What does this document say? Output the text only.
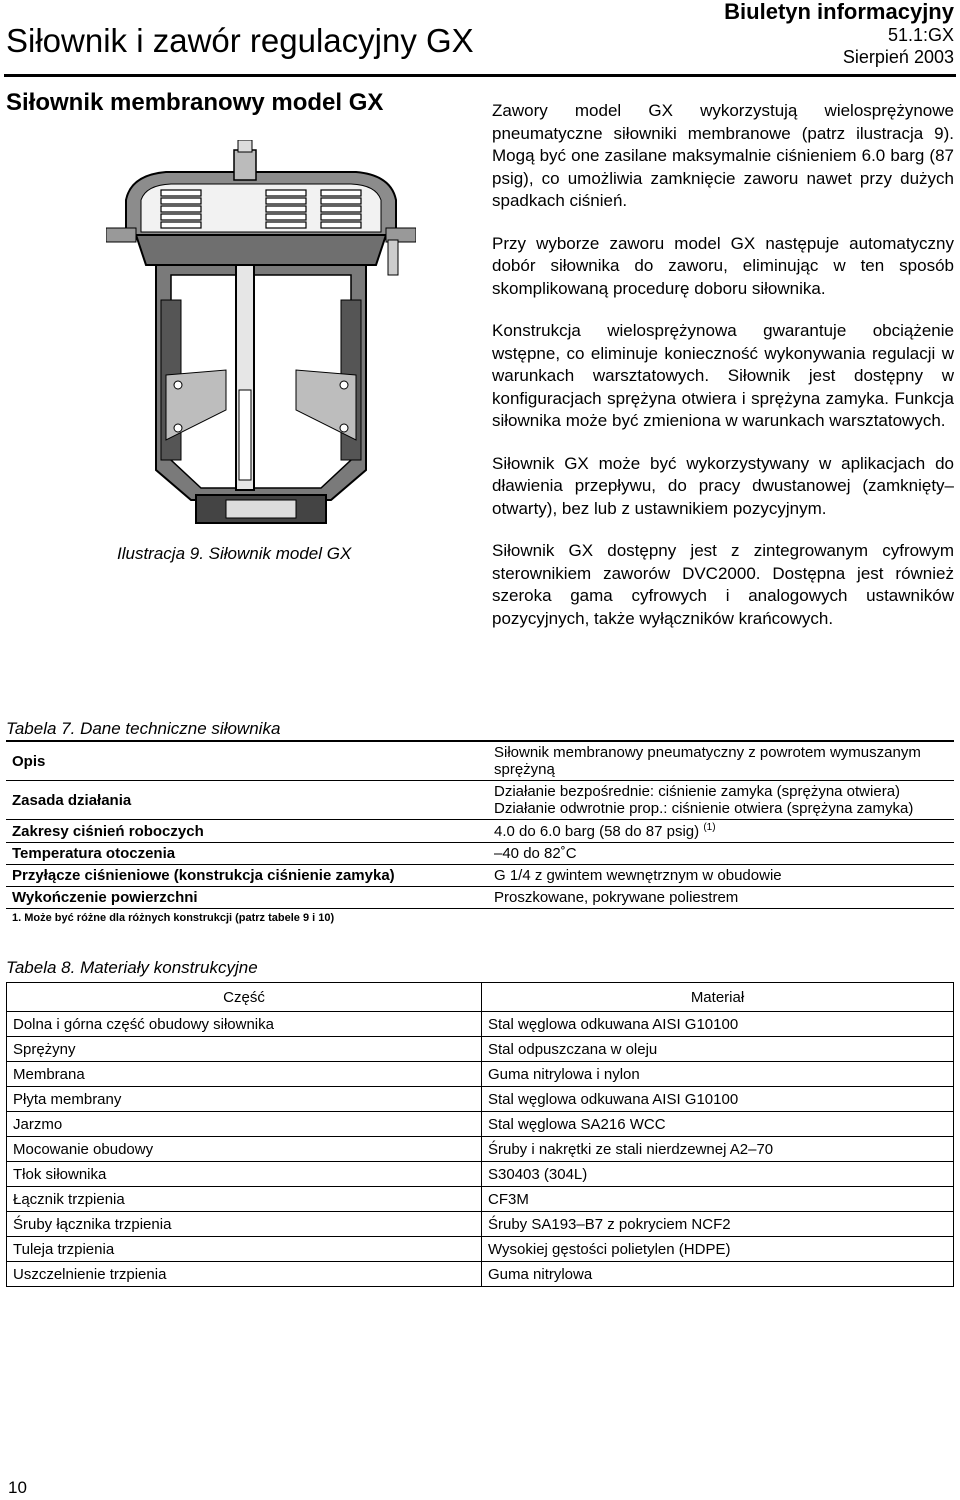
Siłownik i zawór regulacyjny GX
Biuletyn informacyjny
51.1:GX
Sierpień 2003
Siłownik membranowy model GX
Ilustracja 9. Siłownik model GX

Zawory model GX wykorzystują wielosprężynowe pneumatyczne siłowniki membranowe (patrz ilustracja 9). Mogą być one zasilane maksymalnie ciśnieniem 6.0 barg (87 psig), co umożliwia zamknięcie zaworu nawet przy dużych spadkach ciśnień.

Przy wyborze zaworu model GX następuje automatyczny dobór siłownika do zaworu, eliminując w ten sposób skomplikowaną procedurę doboru siłownika.

Konstrukcja wielosprężynowa gwarantuje obciążenie wstępne, co eliminuje konieczność wykonywania regulacji w warunkach warsztatowych. Siłownik jest dostępny w konfiguracjach sprężyna otwiera i sprężyna zamyka. Funkcja siłownika może być zmieniona w warunkach warsztatowych.

Siłownik GX może być wykorzystywany w aplikacjach do dławienia przepływu, do pracy dwustanowej (zamknięty–otwarty), bez lub z ustawnikiem pozycyjnym.

Siłownik GX dostępny jest z zintegrowanym cyfrowym sterownikiem zaworów DVC2000. Dostępna jest również szeroka gama cyfrowych i analogowych ustawników pozycyjnych, także wyłączników krańcowych.

Tabela 7. Dane techniczne siłownika
Opis	Siłownik membranowy pneumatyczny z powrotem wymuszanym sprężyną
Zasada działania	Działanie bezpośrednie: ciśnienie zamyka (sprężyna otwiera)
Działanie odwrotnie prop.: ciśnienie otwiera (sprężyna zamyka)

Zakresy ciśnień roboczych	4.0 do 6.0 barg (58 do 87 psig) $^{(1)}$
Temperatura otoczenia	–40 do 82˚C
Przyłącze ciśnieniowe (konstrukcja ciśnienie zamyka)	G 1/4 z gwintem wewnętrznym w obudowie
Wykończenie powierzchni	Proszkowane, pokrywane poliestrem
1. Może być różne dla różnych konstrukcji (patrz tabele 9 i 10)	
Tabela 8. Materiały konstrukcyjne
Część	Materiał
Dolna i górna część obudowy siłownika	Stal węglowa odkuwana AISI G10100
Sprężyny	Stal odpuszczana w oleju
Membrana	Guma nitrylowa i nylon
Płyta membrany	Stal węglowa odkuwana AISI G10100
Jarzmo	Stal węglowa SA216 WCC
Mocowanie obudowy	Śruby i nakrętki ze stali nierdzewnej A2–70
Tłok siłownika	S30403 (304L)
Łącznik trzpienia	CF3M
Śruby łącznika trzpienia	Śruby SA193–B7 z pokryciem NCF2
Tuleja trzpienia	Wysokiej gęstości polietylen (HDPE)
Uszczelnienie trzpienia	Guma nitrylowa
10
